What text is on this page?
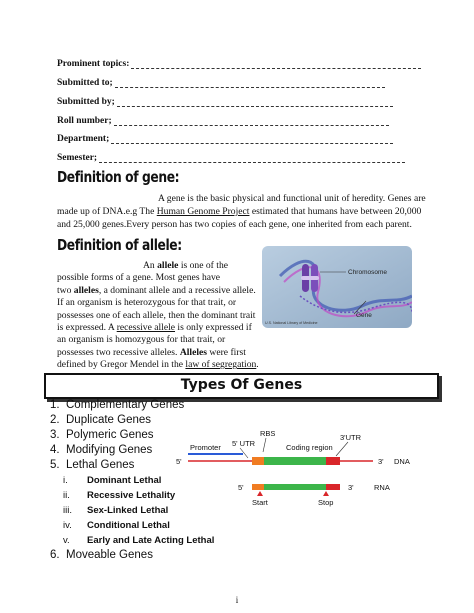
Prominent topics:
Submitted to;
Submitted by;
Roll number;
Department;
Semester;
Definition of gene:
A gene is the basic physical and functional unit of heredity. Genes are
made up of DNA.e.g The Human Genome Project estimated that humans have between 20,000
and 25,000 genes.Every person has two copies of each gene, one inherited from each parent.
Definition of allele:
An allele is one of the
possible forms of a gene. Most genes have
two alleles, a dominant allele and a recessive allele.
If an organism is heterozygous for that trait, or
possesses one of each allele, then the dominant trait
is expressed. A recessive allele is only expressed if
an organism is homozygous for that trait, or
possesses two recessive alleles. Alleles were first
defined by Gregor Mendel in the law of segregation.
Chromosome
Gene
U.S. National Library of Medicine
Types Of Genes
1. Complementary Genes
2. Duplicate Genes
3. Polymeric Genes
4. Modifying Genes
5. Lethal Genes
i. Dominant Lethal
ii. Recessive Lethality
iii. Sex-Linked Lethal
iv. Conditional Lethal
v. Early and Late Acting Lethal
6. Moveable Genes
RBS
Promoter 5' UTR	Coding region
3'UTR
5'	3' DNA
5'	3'	RNA
Start	Stop
i
